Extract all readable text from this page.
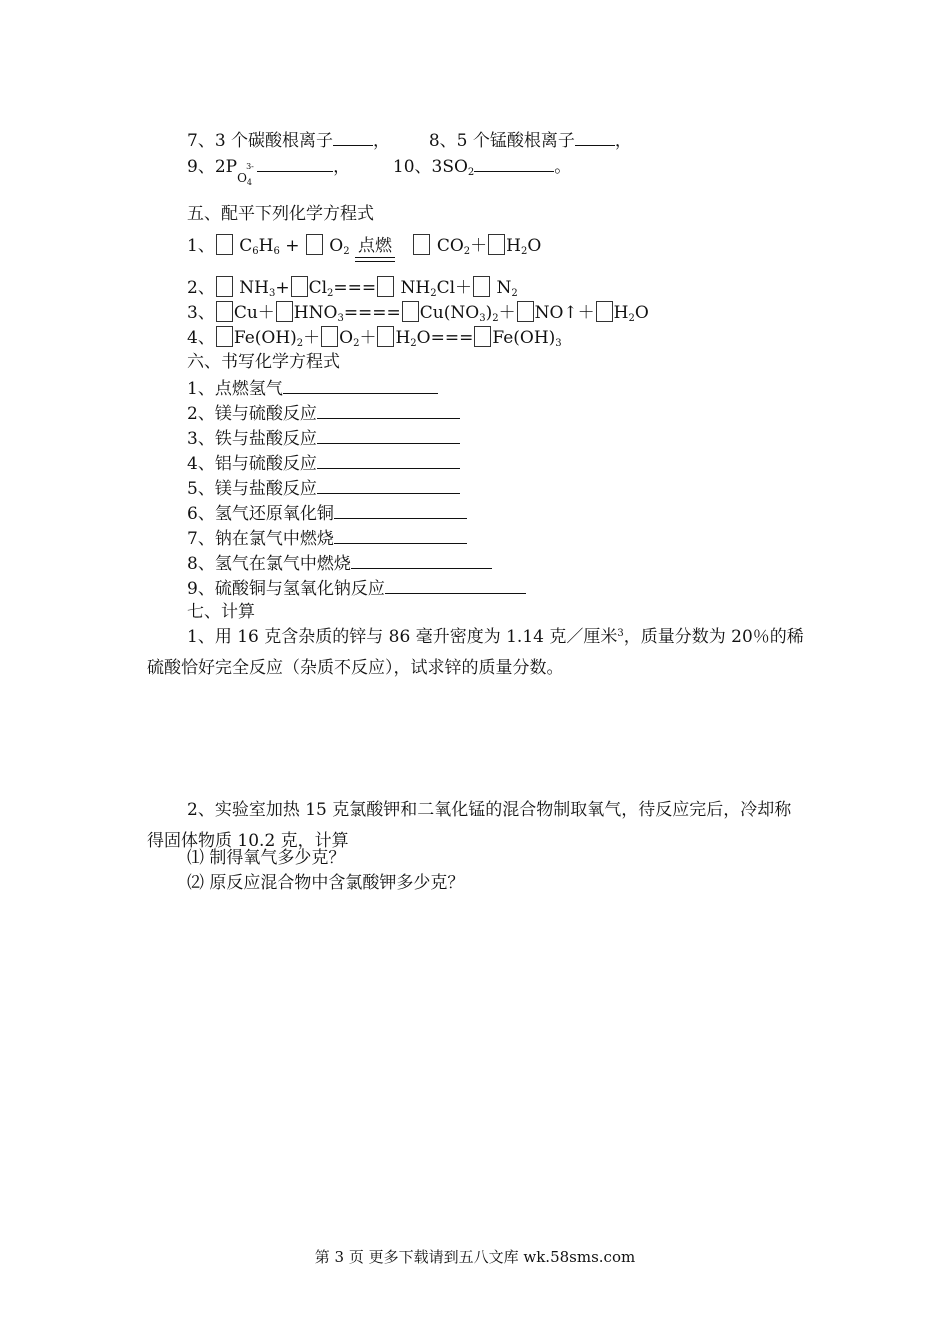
7、3 个碳酸根离子 ， 8、5 个锰酸根离子 ，
9、2P
$O_4$
3-	，	10、$3SO_2$	。
五、配平下列化学方程式
1、 $C_6H_6 + O_2$ 点燃
$CO_2+ H_2O$
2、 $NH_3+ Cl_2=== NH_2Cl+ N_2$
3、 $Cu+ HNO_3==== Cu(NO_3)_2+$ NO↑＋ $H_2O$
4、 $Fe(OH)_2+ O_2+ H_2O=== Fe(OH)_3$
六、书写化学方程式
1、点燃氢气
2、镁与硫酸反应
3、铁与盐酸反应
4、铝与硫酸反应
5、镁与盐酸反应
6、氢气还原氧化铜
7、钠在氯气中燃烧
8、氢气在氯气中燃烧
9、硫酸铜与氢氧化钠反应
七、计算
1、用 16 克含杂质的锌与 86 毫升密度为 1.14 克／厘米$^3$，质量分数为 20％的稀硫酸恰好完全反应（杂质不反应），试求锌的质量分数。
2、实验室加热 15 克氯酸钾和二氧化锰的混合物制取氧气，待反应完后，冷却称得固体物质 10.2 克，计算
⑴ 制得氧气多少克？
⑵ 原反应混合物中含氯酸钾多少克？
第 3 页 更多下载请到五八文库 wk.58sms.com
